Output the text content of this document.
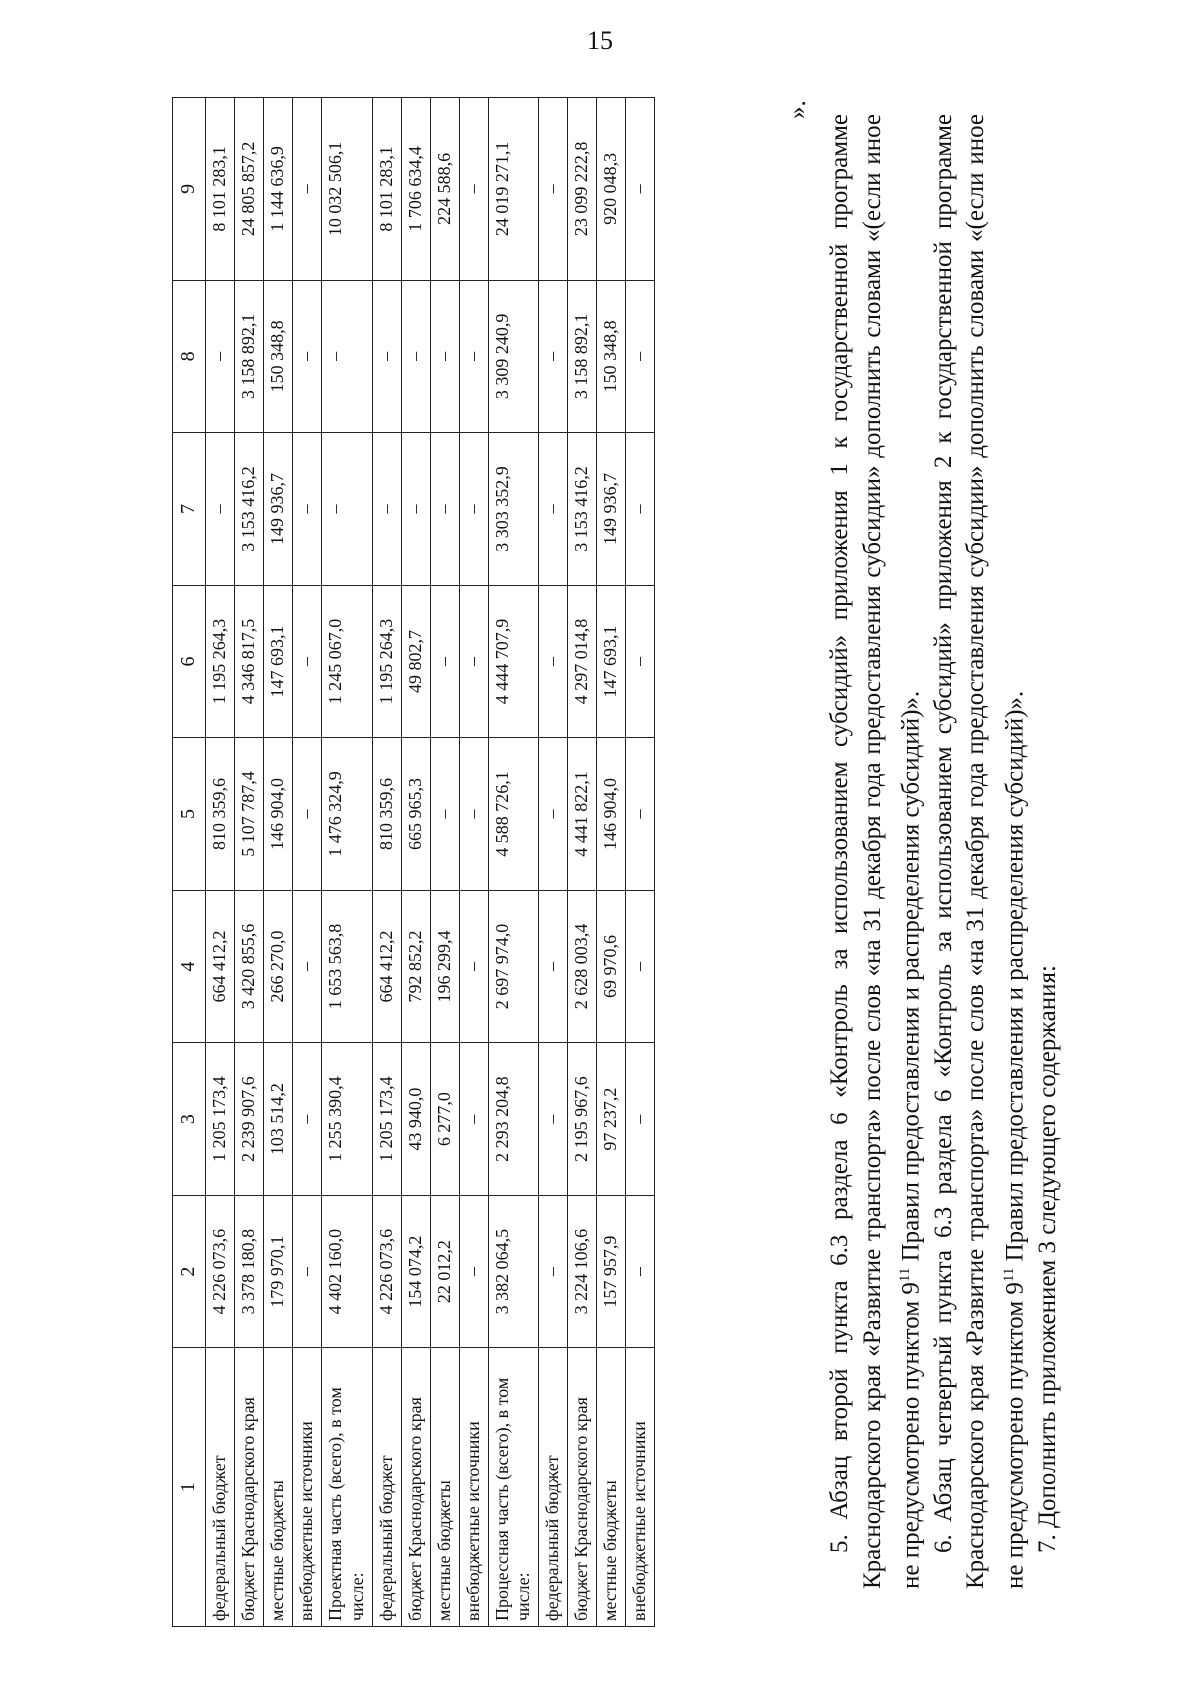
15
1	2	3	4	5	6	7	8	9
федеральный бюджет	4 226 073,6	1 205 173,4	664 412,2	810 359,6	1 195 264,3	–	–	8 101 283,1
бюджет Краснодарского края	3 378 180,8	2 239 907,6	3 420 855,6	5 107 787,4	4 346 817,5	3 153 416,2	3 158 892,1	24 805 857,2
местные бюджеты	179 970,1	103 514,2	266 270,0	146 904,0	147 693,1	149 936,7	150 348,8	1 144 636,9
внебюджетные источники	–	–	–	–	–	–	–	–
Проектная часть (всего), в том числе:	4 402 160,0	1 255 390,4	1 653 563,8	1 476 324,9	1 245 067,0	–	–	10 032 506,1
федеральный бюджет	4 226 073,6	1 205 173,4	664 412,2	810 359,6	1 195 264,3	–	–	8 101 283,1
бюджет Краснодарского края	154 074,2	43 940,0	792 852,2	665 965,3	49 802,7	–	–	1 706 634,4
местные бюджеты	22 012,2	6 277,0	196 299,4	–	–	–	–	224 588,6
внебюджетные источники	–	–	–	–	–	–	–	–
Процессная часть (всего), в том числе:	3 382 064,5	2 293 204,8	2 697 974,0	4 588 726,1	4 444 707,9	3 303 352,9	3 309 240,9	24 019 271,1
федеральный бюджет	–	–	–	–	–	–	–	–
бюджет Краснодарского края	3 224 106,6	2 195 967,6	2 628 003,4	4 441 822,1	4 297 014,8	3 153 416,2	3 158 892,1	23 099 222,8
местные бюджеты	157 957,9	97 237,2	69 970,6	146 904,0	147 693,1	149 936,7	150 348,8	920 048,3
внебюджетные источники	–	–	–	–	–	–	–	–
».

5. Абзац второй пункта 6.3 раздела 6 «Контроль за использованием субсидий» приложения 1 к государственной программе Краснодарского края «Развитие транспорта» после слов «на 31 декабря года предоставления субсидии» дополнить словами «(если иное не предусмотрено пунктом $9^{11}$ Правил предоставления и распределения субсидий)». 6. Абзац четвертый пункта 6.3 раздела 6 «Контроль за использованием субсидий» приложения 2 к государственной программе Краснодарского края «Развитие транспорта» после слов «на 31 декабря года предоставления субсидии» дополнить словами «(если иное не предусмотрено пунктом $9^{11}$ Правил предоставления и распределения субсидий)». 7. Дополнить приложением 3 следующего содержания:
